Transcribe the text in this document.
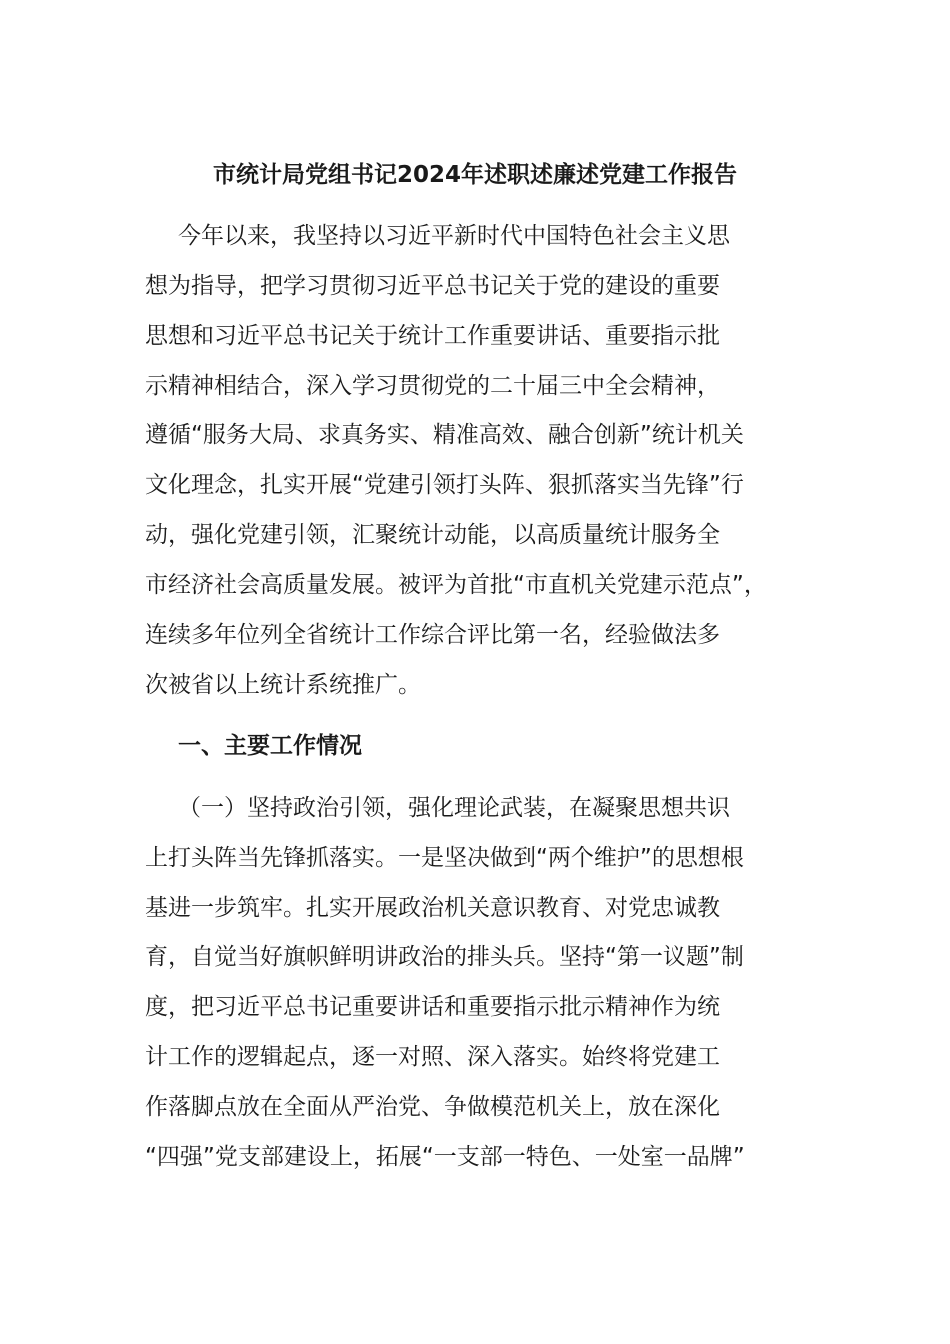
市统计局党组书记2024年述职述廉述党建工作报告

今年以来，我坚持以习近平新时代中国特色社会主义思

想为指导，把学习贯彻习近平总书记关于党的建设的重要

思想和习近平总书记关于统计工作重要讲话、重要指示批

示精神相结合，深入学习贯彻党的二十届三中全会精神，

遵循“服务大局、求真务实、精准高效、融合创新”统计机关

文化理念，扎实开展“党建引领打头阵、狠抓落实当先锋”行

动，强化党建引领，汇聚统计动能，以高质量统计服务全

市经济社会高质量发展。被评为首批“市直机关党建示范点”，

连续多年位列全省统计工作综合评比第一名，经验做法多

次被省以上统计系统推广。

一、主要工作情况

（一）坚持政治引领，强化理论武装，在凝聚思想共识

上打头阵当先锋抓落实。一是坚决做到“两个维护”的思想根

基进一步筑牢。扎实开展政治机关意识教育、对党忠诚教

育，自觉当好旗帜鲜明讲政治的排头兵。坚持“第一议题”制

度，把习近平总书记重要讲话和重要指示批示精神作为统

计工作的逻辑起点，逐一对照、深入落实。始终将党建工

作落脚点放在全面从严治党、争做模范机关上，放在深化

“四强”党支部建设上，拓展“一支部一特色、一处室一品牌”
